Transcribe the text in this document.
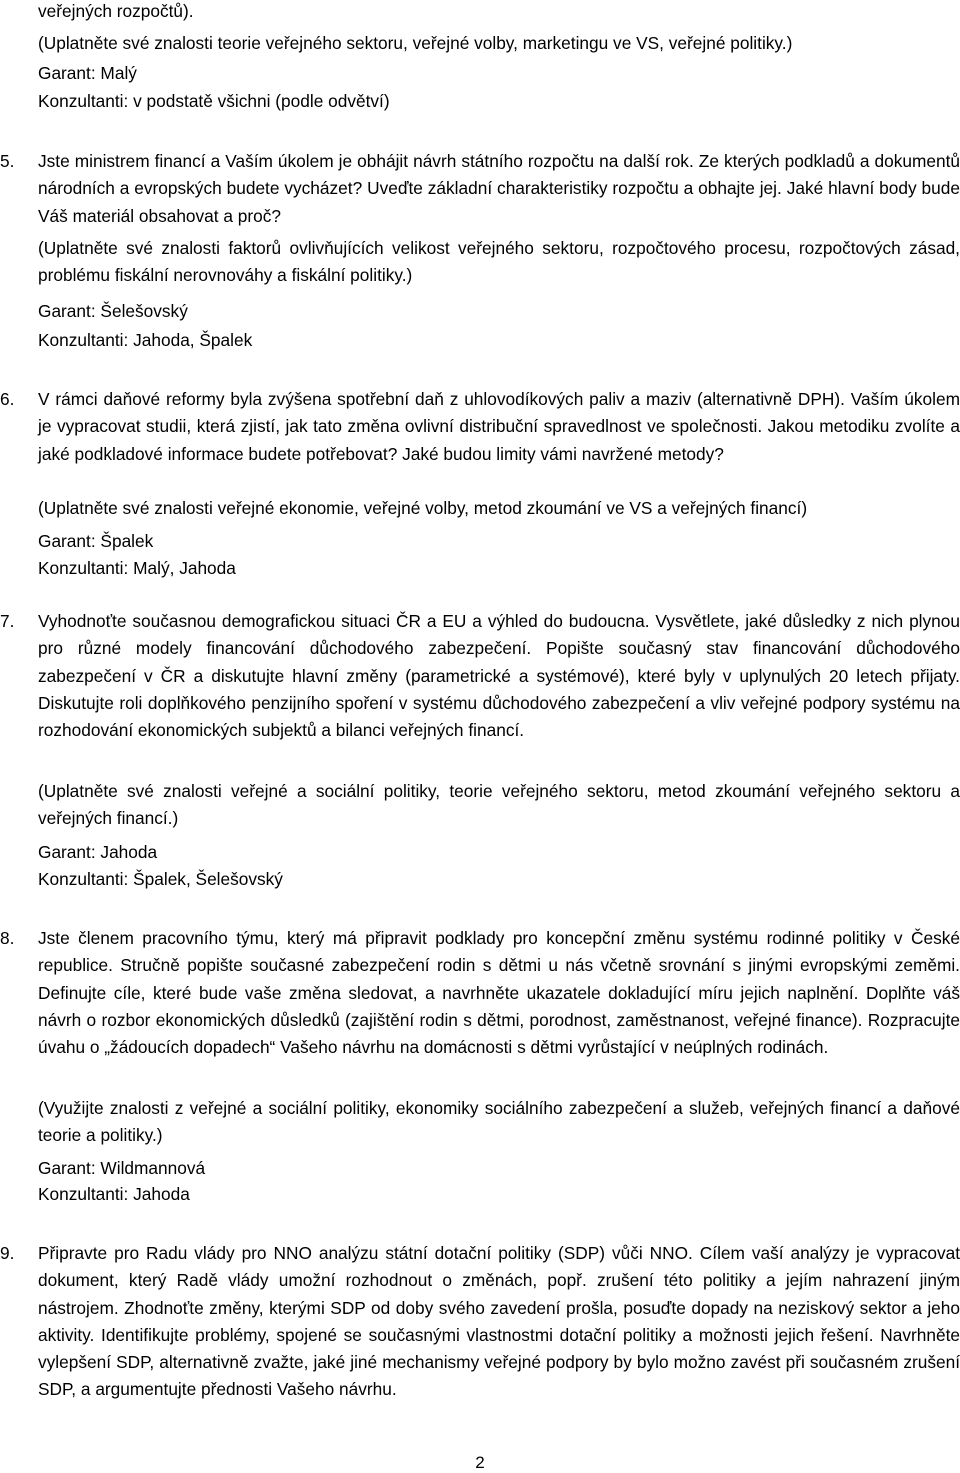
veřejných rozpočtů).

(Uplatněte své znalosti teorie veřejného sektoru, veřejné volby, marketingu ve VS, veřejné politiky.)

Garant: Malý

Konzultanti: v podstatě všichni (podle odvětví)

5. Jste ministrem financí a Vaším úkolem je obhájit návrh státního rozpočtu na další rok. Ze kterých podkladů a dokumentů národních a evropských budete vycházet? Uveďte základní charakteristiky rozpočtu a obhajte jej. Jaké hlavní body bude Váš materiál obsahovat a proč?

(Uplatněte své znalosti faktorů ovlivňujících velikost veřejného sektoru, rozpočtového procesu, rozpočtových zásad, problému fiskální nerovnováhy a fiskální politiky.)

Garant: Šelešovský

Konzultanti: Jahoda, Špalek

6. V rámci daňové reformy byla zvýšena spotřební daň z uhlovodíkových paliv a maziv (alternativně DPH). Vaším úkolem je vypracovat studii, která zjistí, jak tato změna ovlivní distribuční spravedlnost ve společnosti. Jakou metodiku zvolíte a jaké podkladové informace budete potřebovat? Jaké budou limity vámi navržené metody?

(Uplatněte své znalosti veřejné ekonomie, veřejné volby, metod zkoumání ve VS a veřejných financí)

Garant: Špalek

Konzultanti: Malý, Jahoda

7. Vyhodnoťte současnou demografickou situaci ČR a EU a výhled do budoucna. Vysvětlete, jaké důsledky z nich plynou pro různé modely financování důchodového zabezpečení. Popište současný stav financování důchodového zabezpečení v ČR a diskutujte hlavní změny (parametrické a systémové), které byly v uplynulých 20 letech přijaty. Diskutujte roli doplňkového penzijního spoření v systému důchodového zabezpečení a vliv veřejné podpory systému na rozhodování ekonomických subjektů a bilanci veřejných financí.

(Uplatněte své znalosti veřejné a sociální politiky, teorie veřejného sektoru, metod zkoumání veřejného sektoru a veřejných financí.)

Garant: Jahoda

Konzultanti: Špalek, Šelešovský

8. Jste členem pracovního týmu, který má připravit podklady pro koncepční změnu systému rodinné politiky v České republice. Stručně popište současné zabezpečení rodin s dětmi u nás včetně srovnání s jinými evropskými zeměmi. Definujte cíle, které bude vaše změna sledovat, a navrhněte ukazatele dokladující míru jejich naplnění. Doplňte váš návrh o rozbor ekonomických důsledků (zajištění rodin s dětmi, porodnost, zaměstnanost, veřejné finance). Rozpracujte úvahu o „žádoucích dopadech“ Vašeho návrhu na domácnosti s dětmi vyrůstající v neúplných rodinách.

(Využijte znalosti z veřejné a sociální politiky, ekonomiky sociálního zabezpečení a služeb, veřejných financí a daňové teorie a politiky.)

Garant: Wildmannová

Konzultanti: Jahoda

9. Připravte pro Radu vlády pro NNO analýzu státní dotační politiky (SDP) vůči NNO. Cílem vaší analýzy je vypracovat dokument, který Radě vlády umožní rozhodnout o změnách, popř. zrušení této politiky a jejím nahrazení jiným nástrojem. Zhodnoťte změny, kterými SDP od doby svého zavedení prošla, posuďte dopady na neziskový sektor a jeho aktivity. Identifikujte problémy, spojené se současnými vlastnostmi dotační politiky a možnosti jejich řešení. Navrhněte vylepšení SDP, alternativně zvažte, jaké jiné mechanismy veřejné podpory by bylo možno zavést při současném zrušení SDP, a argumentujte přednosti Vašeho návrhu.

2
